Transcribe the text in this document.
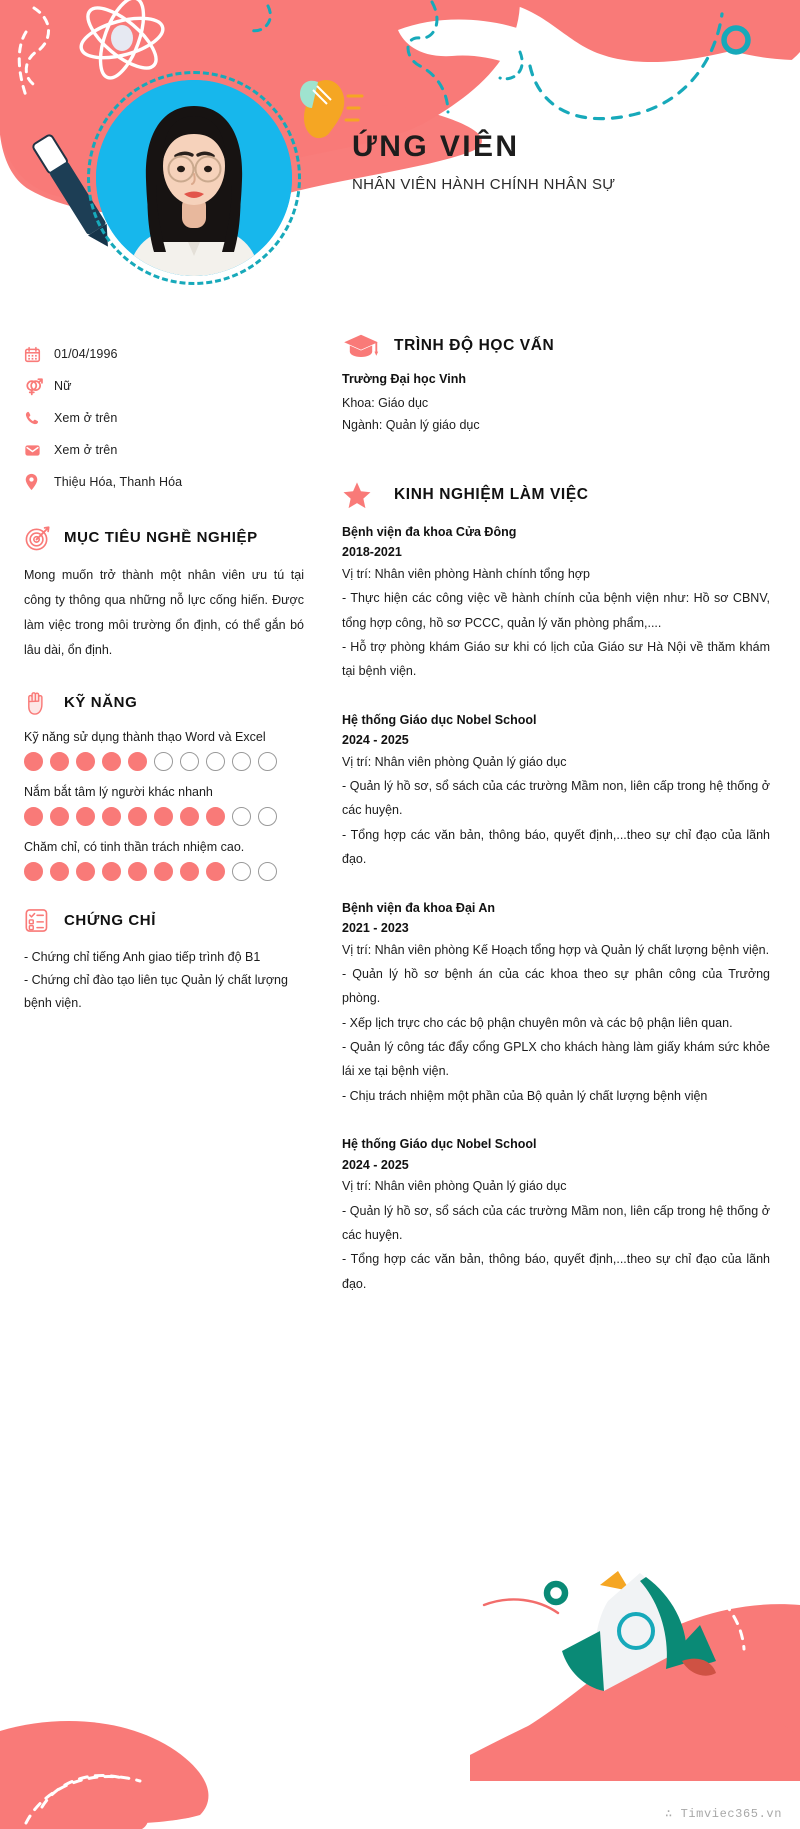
ỨNG VIÊN
NHÂN VIÊN HÀNH CHÍNH NHÂN SỰ
01/04/1996
Nữ
Xem ở trên
Xem ở trên
Thiệu Hóa, Thanh Hóa
MỤC TIÊU NGHỀ NGHIỆP
Mong muốn trở thành một nhân viên ưu tú tại công ty thông qua những nỗ lực cống hiến. Được làm việc trong môi trường ổn định, có thể gắn bó lâu dài, ổn định.
KỸ NĂNG
Kỹ năng sử dụng thành thạo Word và Excel
Nắm bắt tâm lý người khác nhanh
Chăm chỉ, có tinh thần trách nhiệm cao.
CHỨNG CHỈ
- Chứng chỉ tiếng Anh giao tiếp trình độ B1
- Chứng chỉ đào tạo liên tục Quản lý chất lượng bệnh viện.
TRÌNH ĐỘ HỌC VẤN
Trường Đại học Vinh
Khoa: Giáo dục
Ngành: Quản lý giáo dục
KINH NGHIỆM LÀM VIỆC
Bệnh viện đa khoa Cửa Đông
2018-2021
Vị trí: Nhân viên phòng Hành chính tổng hợp
- Thực hiện các công việc về hành chính của bệnh viện như: Hồ sơ CBNV, tổng hợp công, hồ sơ PCCC, quản lý văn phòng phẩm,....
- Hỗ trợ phòng khám Giáo sư khi có lịch của Giáo sư Hà Nội về thăm khám tại bệnh viện.
Hệ thống Giáo dục Nobel School
2024 - 2025
Vị trí: Nhân viên phòng Quản lý giáo dục
- Quản lý hồ sơ, sổ sách của các trường Mầm non, liên cấp trong hệ thống ở các huyện.
- Tổng hợp các văn bản, thông báo, quyết định,...theo sự chỉ đạo của lãnh đạo.
Bệnh viện đa khoa Đại An
2021 - 2023
Vị trí: Nhân viên phòng Kế Hoạch tổng hợp và Quản lý chất lượng bệnh viện.
- Quản lý hồ sơ bệnh án của các khoa theo sự phân công của Trưởng phòng.
- Xếp lịch trực cho các bộ phận chuyên môn và các bộ phận liên quan.
- Quản lý công tác đẩy cổng GPLX cho khách hàng làm giấy khám sức khỏe lái xe tại bệnh viện.
- Chịu trách nhiệm một phần của Bộ quản lý chất lượng bệnh viện
Hệ thống Giáo dục Nobel School
2024 - 2025
Vị trí: Nhân viên phòng Quản lý giáo dục
- Quản lý hồ sơ, sổ sách của các trường Mầm non, liên cấp trong hệ thống ở các huyện.
- Tổng hợp các văn bản, thông báo, quyết định,...theo sự chỉ đạo của lãnh đạo.
∴ Timviec365.vn
